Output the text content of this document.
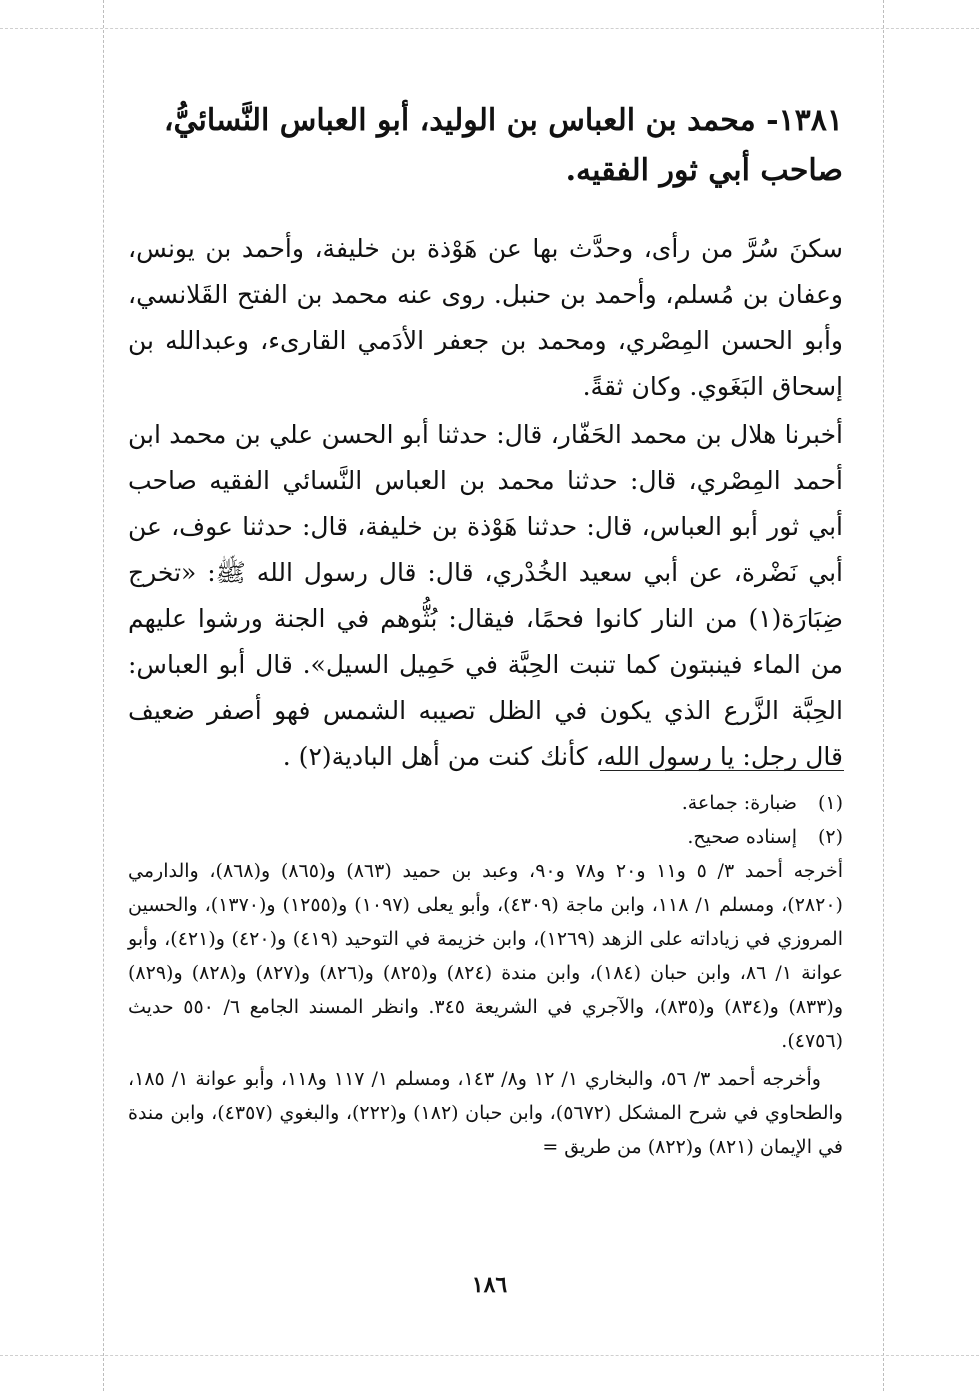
١٣٨١- محمد بن العباس بن الوليد، أبو العباس النَّسائيُّ،
صاحب أبي ثور الفقيه.
سكنَ سُرَّ من رأى، وحدَّث بها عن هَوْذة بن خليفة، وأحمد بن يونس، وعفان بن مُسلم، وأحمد بن حنبل. روى عنه محمد بن الفتح القَلانسي، وأبو الحسن المِصْري، ومحمد بن جعفر الأدَمي القارىء، وعبدالله بن إسحاق البَغَوي. وكان ثقةً.
أخبرنا هلال بن محمد الحَفّار، قال: حدثنا أبو الحسن علي بن محمد ابن أحمد المِصْري، قال: حدثنا محمد بن العباس النَّسائي الفقيه صاحب أبي ثور أبو العباس، قال: حدثنا هَوْذة بن خليفة، قال: حدثنا عوف، عن أبي نَضْرة، عن أبي سعيد الخُدْري، قال: قال رسول الله ﷺ: «تخرج ضِبَارَة(١) من النار كانوا فحمًا، فيقال: بُثُّوهم في الجنة ورشوا عليهم من الماء فينبتون كما تنبت الحِبَّة في حَمِيل السيل». قال أبو العباس: الحِبَّة الزَّرع الذي يكون في الظل تصيبه الشمس فهو أصفر ضعيف قال رجل: يا رسول الله، كأنك كنت من أهل البادية(٢) .
(١)
ضبارة: جماعة.
(٢)
إسناده صحيح.
أخرجه أحمد ٣/ ٥ و١١ و٢٠ و٧٨ و٩٠، وعبد بن حميد (٨٦٣) و(٨٦٥) و(٨٦٨)، والدارمي (٢٨٢٠)، ومسلم ١/ ١١٨، وابن ماجة (٤٣٠٩)، وأبو يعلى (١٠٩٧) و(١٢٥٥) و(١٣٧٠)، والحسين المروزي في زياداته على الزهد (١٢٦٩)، وابن خزيمة في التوحيد (٤١٩) و(٤٢٠) و(٤٢١)، وأبو عوانة ١/ ٨٦، وابن حبان (١٨٤)، وابن مندة (٨٢٤) و(٨٢٥) و(٨٢٦) و(٨٢٧) و(٨٢٨) و(٨٢٩) و(٨٣٣) و(٨٣٤) و(٨٣٥)، والآجري في الشريعة ٣٤٥. وانظر المسند الجامع ٦/ ٥٥٠ حديث (٤٧٥٦).
وأخرجه أحمد ٣/ ٥٦، والبخاري ١/ ١٢ و٨/ ١٤٣، ومسلم ١/ ١١٧ و١١٨، وأبو عوانة ١/ ١٨٥، والطحاوي في شرح المشكل (٥٦٧٢)، وابن حبان (١٨٢) و(٢٢٢)، والبغوي (٤٣٥٧)، وابن مندة في الإيمان (٨٢١) و(٨٢٢) من طريق =
١٨٦
